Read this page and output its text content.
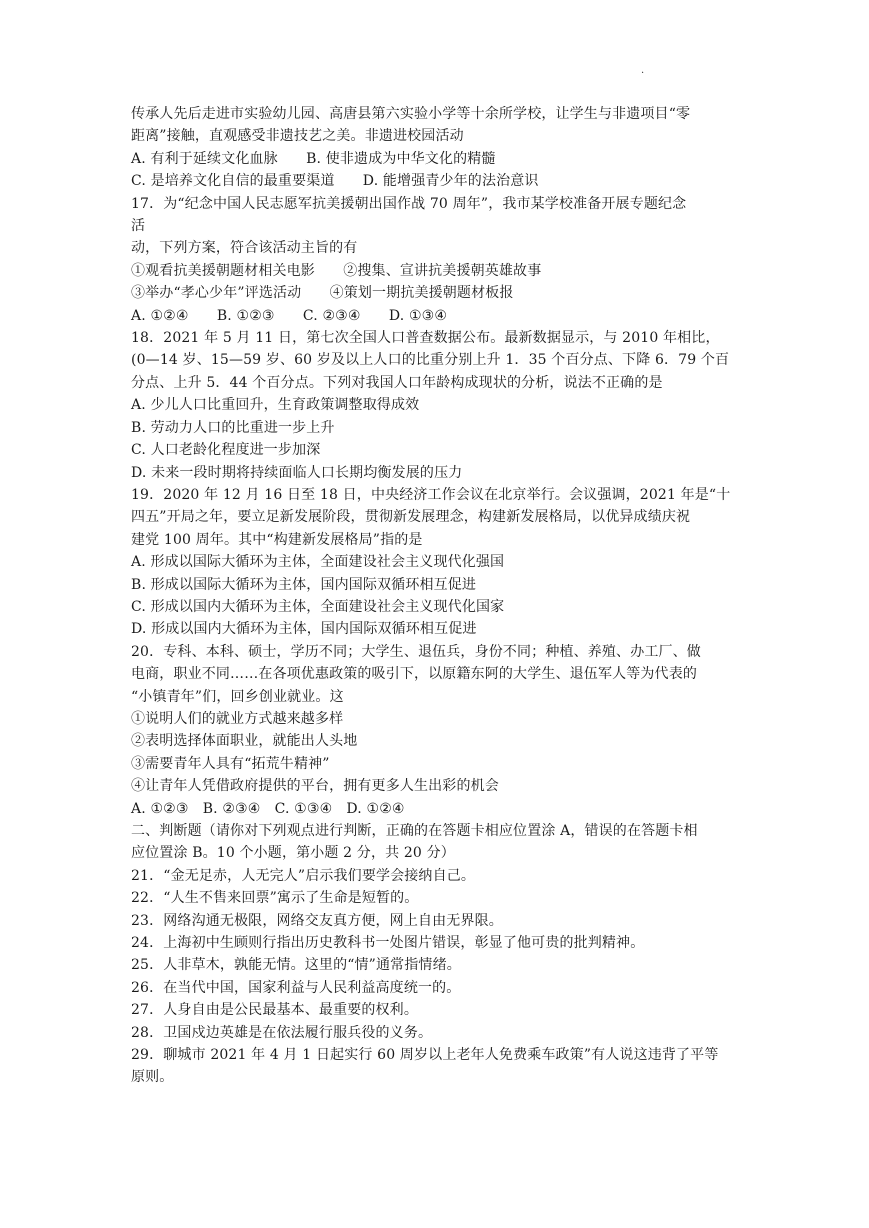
.
传承人先后走进市实验幼儿园、高唐县第六实验小学等十余所学校，让学生与非遗项目“零
距离”接触，直观感受非遗技艺之美。非遗进校园活动
A. 有利于延续文化血脉　　B. 使非遗成为中华文化的精髓
C. 是培养文化自信的最重要渠道　　D. 能增强青少年的法治意识
17．为“纪念中国人民志愿军抗美援朝出国作战 70 周年”，我市某学校准备开展专题纪念
活
动，下列方案，符合该活动主旨的有
①观看抗美援朝题材相关电影　　②搜集、宣讲抗美援朝英雄故事
③举办“孝心少年”评选活动　　④策划一期抗美援朝题材板报
A. ①②④　　B. ①②③　　C. ②③④　　D. ①③④
18．2021 年 5 月 11 日，第七次全国人口普查数据公布。最新数据显示，与 2010 年相比，
(0—14 岁、15—59 岁、60 岁及以上人口的比重分别上升 1．35 个百分点、下降 6．79 个百
分点、上升 5．44 个百分点。下列对我国人口年龄构成现状的分析，说法不正确的是
A. 少儿人口比重回升，生育政策调整取得成效
B. 劳动力人口的比重进一步上升
C. 人口老龄化程度进一步加深
D. 未来一段时期将持续面临人口长期均衡发展的压力
19．2020 年 12 月 16 日至 18 日，中央经济工作会议在北京举行。会议强调，2021 年是“十
四五”开局之年，要立足新发展阶段，贯彻新发展理念，构建新发展格局，以优异成绩庆祝
建党 100 周年。其中“构建新发展格局”指的是
A. 形成以国际大循环为主体，全面建设社会主义现代化强国
B. 形成以国际大循环为主体，国内国际双循环相互促进
C. 形成以国内大循环为主体，全面建设社会主义现代化国家
D. 形成以国内大循环为主体，国内国际双循环相互促进
20．专科、本科、硕士，学历不同；大学生、退伍兵，身份不同；种植、养殖、办工厂、做
电商，职业不同……在各项优惠政策的吸引下，以原籍东阿的大学生、退伍军人等为代表的
“小镇青年”们，回乡创业就业。这
①说明人们的就业方式越来越多样
②表明选择体面职业，就能出人头地
③需要青年人具有“拓荒牛精神”
④让青年人凭借政府提供的平台，拥有更多人生出彩的机会
A. ①②③　B. ②③④　C. ①③④　D. ①②④
二、判断题（请你对下列观点进行判断，正确的在答题卡相应位置涂 A，错误的在答题卡相
应位置涂 B。10 个小题，第小题 2 分，共 20 分）
21．“金无足赤，人无完人”启示我们要学会接纳自己。
22．“人生不售来回票”寓示了生命是短暂的。
23．网络沟通无极限，网络交友真方便，网上自由无界限。
24．上海初中生顾则行指出历史教科书一处图片错误，彰显了他可贵的批判精神。
25．人非草木，孰能无情。这里的“情”通常指情绪。
26．在当代中国，国家利益与人民利益高度统一的。
27．人身自由是公民最基本、最重要的权利。
28．卫国戍边英雄是在依法履行服兵役的义务。
29．聊城市 2021 年 4 月 1 日起实行 60 周岁以上老年人免费乘车政策”有人说这违背了平等
原则。
